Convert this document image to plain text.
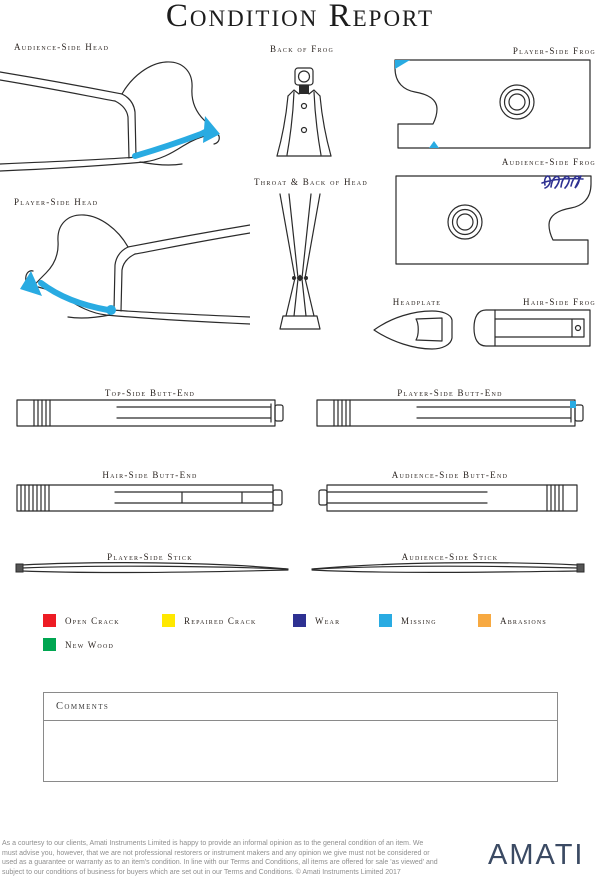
Condition Report
Audience-Side Head	Back of Frog	Player-Side Frog
Audience-Side Frog
Throat & Back of Head
Player-Side Head
Headplate	Hair-Side Frog
Top-Side Butt-End	Player-Side Butt-End
Hair-Side Butt-End	Audience-Side Butt-End
Player-Side Stick	Audience-Side Stick
Open Crack	Repaired Crack	Wear	Missing	Abrasions
New Wood
Comments
As a courtesy to our clients, Amati Instruments Limited is happy to provide an informal opinion as to the general condition of an item. We must advise you, however, that we are not professional restorers or instrument makers and any opinion we give must not be considered or used as a guarantee or warranty as to an item's condition. In line with our Terms and Conditions, all items are offered for sale 'as viewed' and subject to our conditions of business for buyers which are set out in our Terms and Conditions. © Amati Instruments Limited 2017
AMATI
